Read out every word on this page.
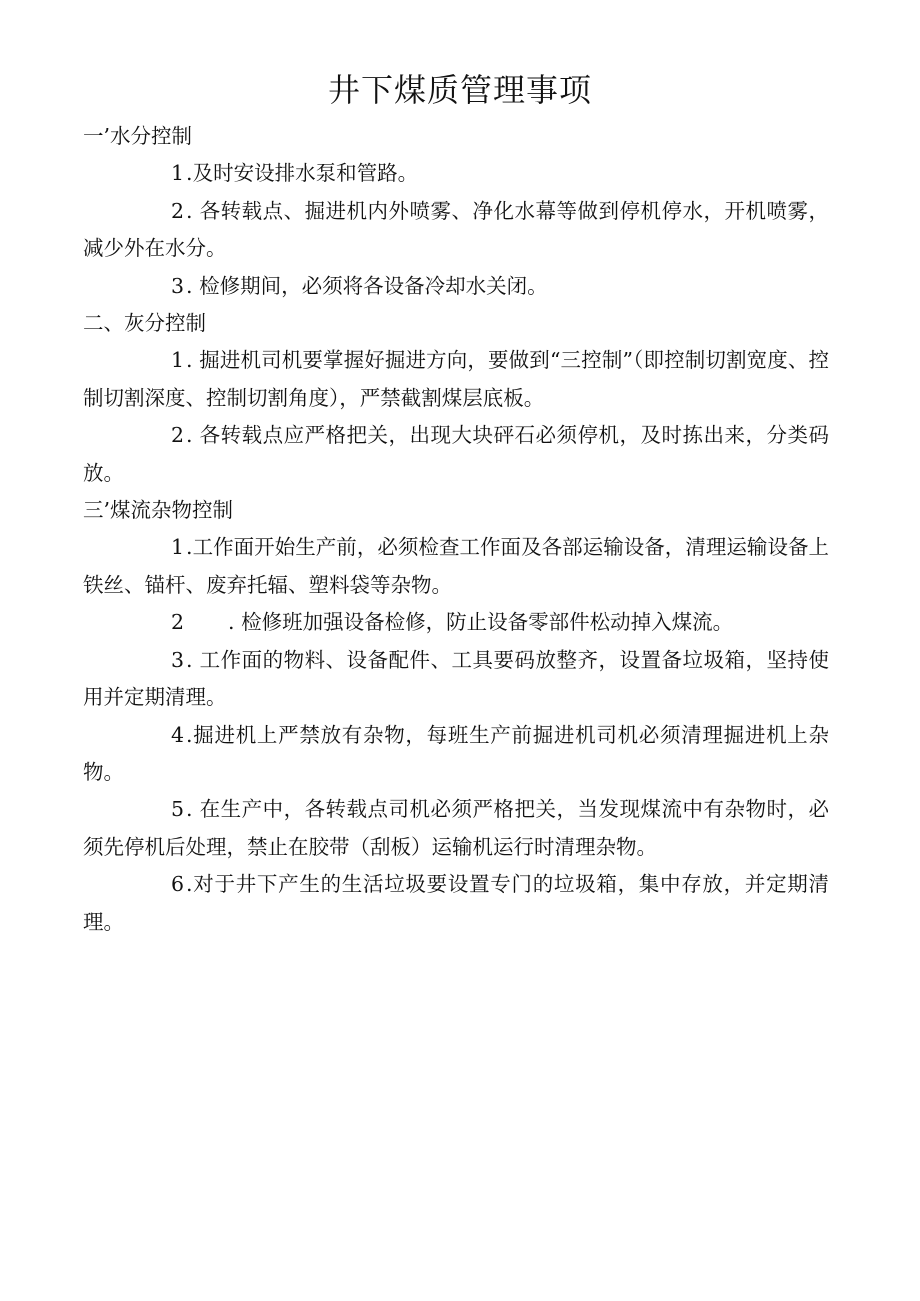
井下煤质管理事项

一’水分控制

1.及时安设排水泵和管路。

2. 各转载点、掘进机内外喷雾、净化水幕等做到停机停水，开机喷雾，减少外在水分。

3. 检修期间，必须将各设备冷却水关闭。

二、灰分控制

1. 掘进机司机要掌握好掘进方向，要做到“三控制”（即控制切割宽度、控制切割深度、控制切割角度），严禁截割煤层底板。

2. 各转载点应严格把关，出现大块砰石必须停机，及时拣出来，分类码放。

三’煤流杂物控制

1.工作面开始生产前，必须检查工作面及各部运输设备，清理运输设备上铁丝、锚杆、废弃托辐、塑料袋等杂物。

2 . 检修班加强设备检修，防止设备零部件松动掉入煤流。

3. 工作面的物料、设备配件、工具要码放整齐，设置备垃圾箱，坚持使用并定期清理。

4.掘进机上严禁放有杂物，每班生产前掘进机司机必须清理掘进机上杂物。

5. 在生产中，各转载点司机必须严格把关，当发现煤流中有杂物时，必须先停机后处理，禁止在胶带（刮板）运输机运行时清理杂物。

6.对于井下产生的生活垃圾要设置专门的垃圾箱，集中存放，并定期清理。
